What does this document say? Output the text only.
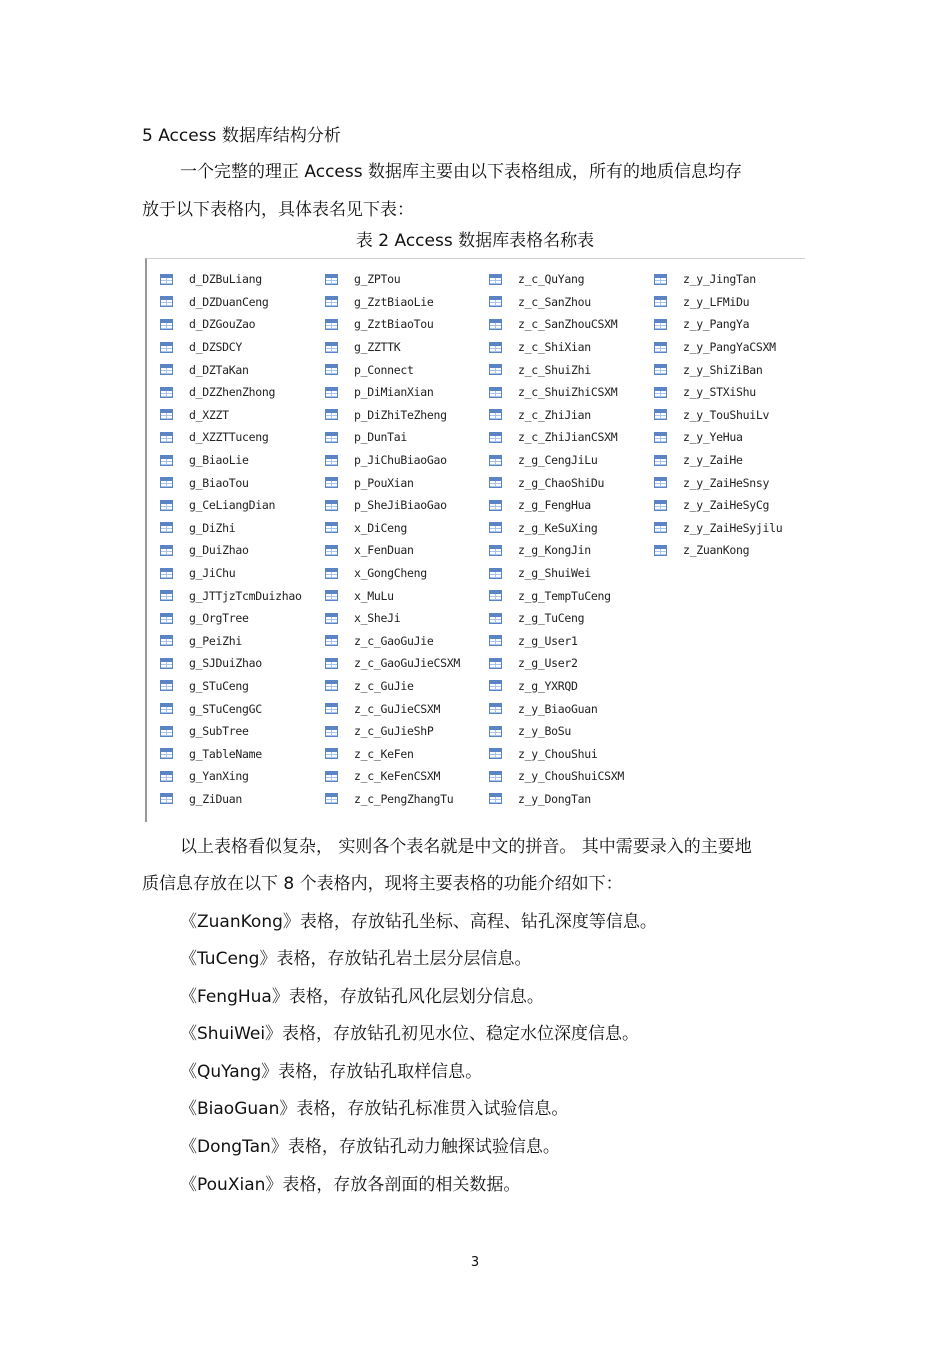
5 Access 数据库结构分析
一个完整的理正 Access 数据库主要由以下表格组成，所有的地质信息均存
放于以下表格内，具体表名见下表：
表 2 Access 数据库表格名称表
d_DZBuLiang
d_DZDuanCeng
d_DZGouZao
d_DZSDCY
d_DZTaKan
d_DZZhenZhong
d_XZZT
d_XZZTTuceng
g_BiaoLie
g_BiaoTou
g_CeLiangDian
g_DiZhi
g_DuiZhao
g_JiChu
g_JTTjzTcmDuizhao
g_OrgTree
g_PeiZhi
g_SJDuiZhao
g_STuCeng
g_STuCengGC
g_SubTree
g_TableName
g_YanXing
g_ZiDuan
g_ZPTou
g_ZztBiaoLie
g_ZztBiaoTou
g_ZZTTK
p_Connect
p_DiMianXian
p_DiZhiTeZheng
p_DunTai
p_JiChuBiaoGao
p_PouXian
p_SheJiBiaoGao
x_DiCeng
x_FenDuan
x_GongCheng
x_MuLu
x_SheJi
z_c_GaoGuJie
z_c_GaoGuJieCSXM
z_c_GuJie
z_c_GuJieCSXM
z_c_GuJieShP
z_c_KeFen
z_c_KeFenCSXM
z_c_PengZhangTu
z_c_QuYang
z_c_SanZhou
z_c_SanZhouCSXM
z_c_ShiXian
z_c_ShuiZhi
z_c_ShuiZhiCSXM
z_c_ZhiJian
z_c_ZhiJianCSXM
z_g_CengJiLu
z_g_ChaoShiDu
z_g_FengHua
z_g_KeSuXing
z_g_KongJin
z_g_ShuiWei
z_g_TempTuCeng
z_g_TuCeng
z_g_User1
z_g_User2
z_g_YXRQD
z_y_BiaoGuan
z_y_BoSu
z_y_ChouShui
z_y_ChouShuiCSXM
z_y_DongTan
z_y_JingTan
z_y_LFMiDu
z_y_PangYa
z_y_PangYaCSXM
z_y_ShiZiBan
z_y_STXiShu
z_y_TouShuiLv
z_y_YeHua
z_y_ZaiHe
z_y_ZaiHeSnsy
z_y_ZaiHeSyCg
z_y_ZaiHeSyjilu
z_ZuanKong
以上表格看似复杂， 实则各个表名就是中文的拼音。 其中需要录入的主要地
质信息存放在以下 8 个表格内，现将主要表格的功能介绍如下：
《ZuanKong》表格，存放钻孔坐标、高程、钻孔深度等信息。
《TuCeng》表格，存放钻孔岩土层分层信息。
《FengHua》表格，存放钻孔风化层划分信息。
《ShuiWei》表格，存放钻孔初见水位、稳定水位深度信息。
《QuYang》表格，存放钻孔取样信息。
《BiaoGuan》表格，存放钻孔标准贯入试验信息。
《DongTan》表格，存放钻孔动力触探试验信息。
《PouXian》表格，存放各剖面的相关数据。
3
